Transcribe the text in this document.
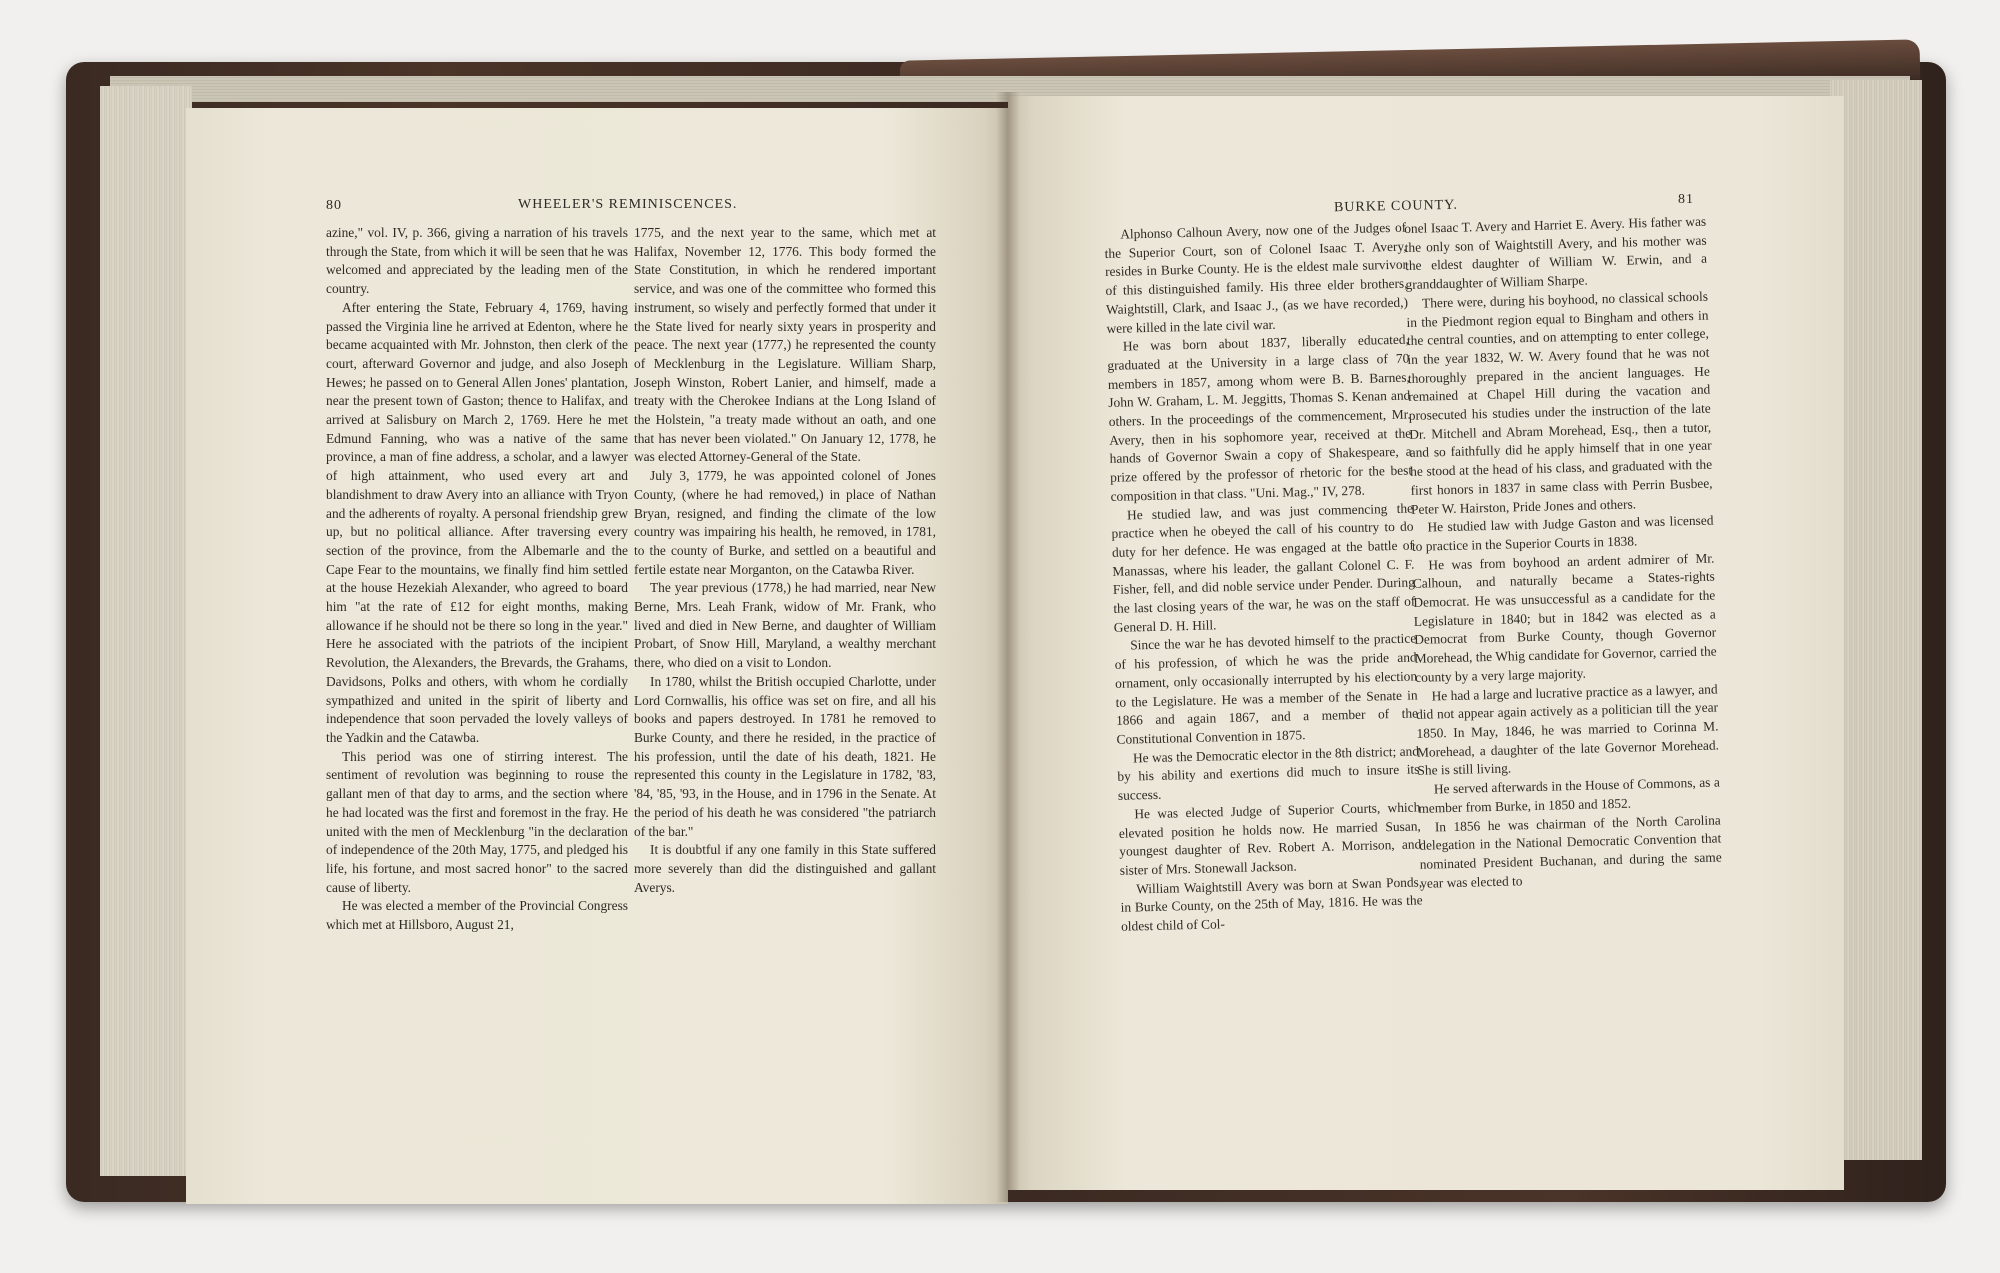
80	WHEELER'S REMINISCENCES.	BURKE COUNTY.	81

azine," vol. IV, p. 366, giving a narration of his travels through the State, from which it will be seen that he was welcomed and appreciated by the leading men of the country.

After entering the State, February 4, 1769, having passed the Virginia line he arrived at Edenton, where he became acquainted with Mr. Johnston, then clerk of the court, afterward Governor and judge, and also Joseph Hewes; he passed on to General Allen Jones' plantation, near the present town of Gaston; thence to Halifax, and arrived at Salisbury on March 2, 1769. Here he met Edmund Fanning, who was a native of the same province, a man of fine address, a scholar, and a lawyer of high attainment, who used every art and blandishment to draw Avery into an alliance with Tryon and the adherents of royalty. A personal friendship grew up, but no political alliance. After traversing every section of the province, from the Albemarle and the Cape Fear to the mountains, we finally find him settled at the house Hezekiah Alexander, who agreed to board him "at the rate of £12 for eight months, making allowance if he should not be there so long in the year." Here he associated with the patriots of the incipient Revolution, the Alexanders, the Brevards, the Grahams, Davidsons, Polks and others, with whom he cordially sympathized and united in the spirit of liberty and independence that soon pervaded the lovely valleys of the Yadkin and the Catawba.

This period was one of stirring interest. The sentiment of revolution was beginning to rouse the gallant men of that day to arms, and the section where he had located was the first and foremost in the fray. He united with the men of Mecklenburg "in the declaration of independence of the 20th May, 1775, and pledged his life, his fortune, and most sacred honor" to the sacred cause of liberty.

He was elected a member of the Provincial Congress which met at Hillsboro, August 21,

1775, and the next year to the same, which met at Halifax, November 12, 1776. This body formed the State Constitution, in which he rendered important service, and was one of the committee who formed this instrument, so wisely and perfectly formed that under it the State lived for nearly sixty years in prosperity and peace. The next year (1777,) he represented the county of Mecklenburg in the Legislature. William Sharp, Joseph Winston, Robert Lanier, and himself, made a treaty with the Cherokee Indians at the Long Island of the Holstein, "a treaty made without an oath, and one that has never been violated." On January 12, 1778, he was elected Attorney-General of the State.

July 3, 1779, he was appointed colonel of Jones County, (where he had removed,) in place of Nathan Bryan, resigned, and finding the climate of the low country was impairing his health, he removed, in 1781, to the county of Burke, and settled on a beautiful and fertile estate near Morganton, on the Catawba River.

The year previous (1778,) he had married, near New Berne, Mrs. Leah Frank, widow of Mr. Frank, who lived and died in New Berne, and daughter of William Probart, of Snow Hill, Maryland, a wealthy merchant there, who died on a visit to London.

In 1780, whilst the British occupied Charlotte, under Lord Cornwallis, his office was set on fire, and all his books and papers destroyed. In 1781 he removed to Burke County, and there he resided, in the practice of his profession, until the date of his death, 1821. He represented this county in the Legislature in 1782, '83, '84, '85, '93, in the House, and in 1796 in the Senate. At the period of his death he was considered "the patriarch of the bar."

It is doubtful if any one family in this State suffered more severely than did the distinguished and gallant Averys.

Alphonso Calhoun Avery, now one of the Judges of the Superior Court, son of Colonel Isaac T. Avery, resides in Burke County. He is the eldest male survivor of this distinguished family. His three elder brothers, Waightstill, Clark, and Isaac J., (as we have recorded,) were killed in the late civil war.

He was born about 1837, liberally educated, graduated at the University in a large class of 70 members in 1857, among whom were B. B. Barnes, John W. Graham, L. M. Jeggitts, Thomas S. Kenan and others. In the proceedings of the commencement, Mr. Avery, then in his sophomore year, received at the hands of Governor Swain a copy of Shakespeare, a prize offered by the professor of rhetoric for the best composition in that class. "Uni. Mag.," IV, 278.

He studied law, and was just commencing the practice when he obeyed the call of his country to do duty for her defence. He was engaged at the battle of Manassas, where his leader, the gallant Colonel C. F. Fisher, fell, and did noble service under Pender. During the last closing years of the war, he was on the staff of General D. H. Hill.

Since the war he has devoted himself to the practice of his profession, of which he was the pride and ornament, only occasionally interrupted by his election to the Legislature. He was a member of the Senate in 1866 and again 1867, and a member of the Constitutional Convention in 1875.

He was the Democratic elector in the 8th district; and by his ability and exertions did much to insure its success.

He was elected Judge of Superior Courts, which elevated position he holds now. He married Susan, youngest daughter of Rev. Robert A. Morrison, and sister of Mrs. Stonewall Jackson.

William Waightstill Avery was born at Swan Ponds, in Burke County, on the 25th of May, 1816. He was the oldest child of Col-

onel Isaac T. Avery and Harriet E. Avery. His father was the only son of Waightstill Avery, and his mother was the eldest daughter of William W. Erwin, and a granddaughter of William Sharpe.

There were, during his boyhood, no classical schools in the Piedmont region equal to Bingham and others in the central counties, and on attempting to enter college, in the year 1832, W. W. Avery found that he was not thoroughly prepared in the ancient languages. He remained at Chapel Hill during the vacation and prosecuted his studies under the instruction of the late Dr. Mitchell and Abram Morehead, Esq., then a tutor, and so faithfully did he apply himself that in one year he stood at the head of his class, and graduated with the first honors in 1837 in same class with Perrin Busbee, Peter W. Hairston, Pride Jones and others.

He studied law with Judge Gaston and was licensed to practice in the Superior Courts in 1838.

He was from boyhood an ardent admirer of Mr. Calhoun, and naturally became a States-rights Democrat. He was unsuccessful as a candidate for the Legislature in 1840; but in 1842 was elected as a Democrat from Burke County, though Governor Morehead, the Whig candidate for Governor, carried the county by a very large majority.

He had a large and lucrative practice as a lawyer, and did not appear again actively as a politician till the year 1850. In May, 1846, he was married to Corinna M. Morehead, a daughter of the late Governor Morehead. She is still living.

He served afterwards in the House of Commons, as a member from Burke, in 1850 and 1852.

In 1856 he was chairman of the North Carolina delegation in the National Democratic Convention that nominated President Buchanan, and during the same year was elected to
